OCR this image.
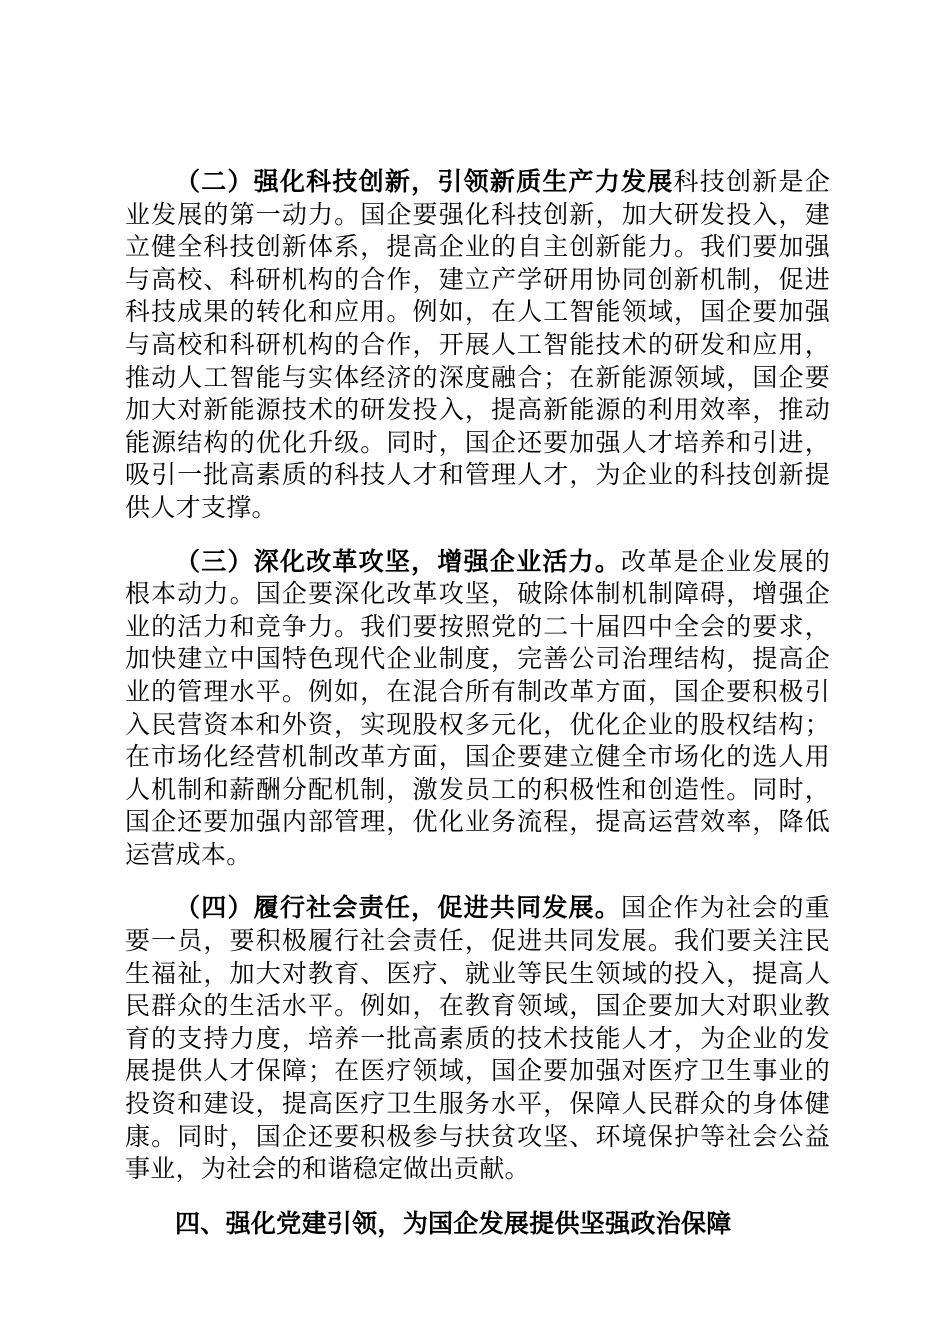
（二）强化科技创新，引领新质生产力发展科技创新是企业发展的第一动力。国企要强化科技创新，加大研发投入，建立健全科技创新体系，提高企业的自主创新能力。我们要加强与高校、科研机构的合作，建立产学研用协同创新机制，促进科技成果的转化和应用。例如，在人工智能领域，国企要加强与高校和科研机构的合作，开展人工智能技术的研发和应用，推动人工智能与实体经济的深度融合；在新能源领域，国企要加大对新能源技术的研发投入，提高新能源的利用效率，推动能源结构的优化升级。同时，国企还要加强人才培养和引进，吸引一批高素质的科技人才和管理人才，为企业的科技创新提供人才支撑。

（三）深化改革攻坚，增强企业活力。改革是企业发展的根本动力。国企要深化改革攻坚，破除体制机制障碍，增强企业的活力和竞争力。我们要按照党的二十届四中全会的要求，加快建立中国特色现代企业制度，完善公司治理结构，提高企业的管理水平。例如，在混合所有制改革方面，国企要积极引入民营资本和外资，实现股权多元化，优化企业的股权结构；在市场化经营机制改革方面，国企要建立健全市场化的选人用人机制和薪酬分配机制，激发员工的积极性和创造性。同时，国企还要加强内部管理，优化业务流程，提高运营效率，降低运营成本。

（四）履行社会责任，促进共同发展。国企作为社会的重要一员，要积极履行社会责任，促进共同发展。我们要关注民生福祉，加大对教育、医疗、就业等民生领域的投入，提高人民群众的生活水平。例如，在教育领域，国企要加大对职业教育的支持力度，培养一批高素质的技术技能人才，为企业的发展提供人才保障；在医疗领域，国企要加强对医疗卫生事业的投资和建设，提高医疗卫生服务水平，保障人民群众的身体健康。同时，国企还要积极参与扶贫攻坚、环境保护等社会公益事业，为社会的和谐稳定做出贡献。

四、强化党建引领，为国企发展提供坚强政治保障
